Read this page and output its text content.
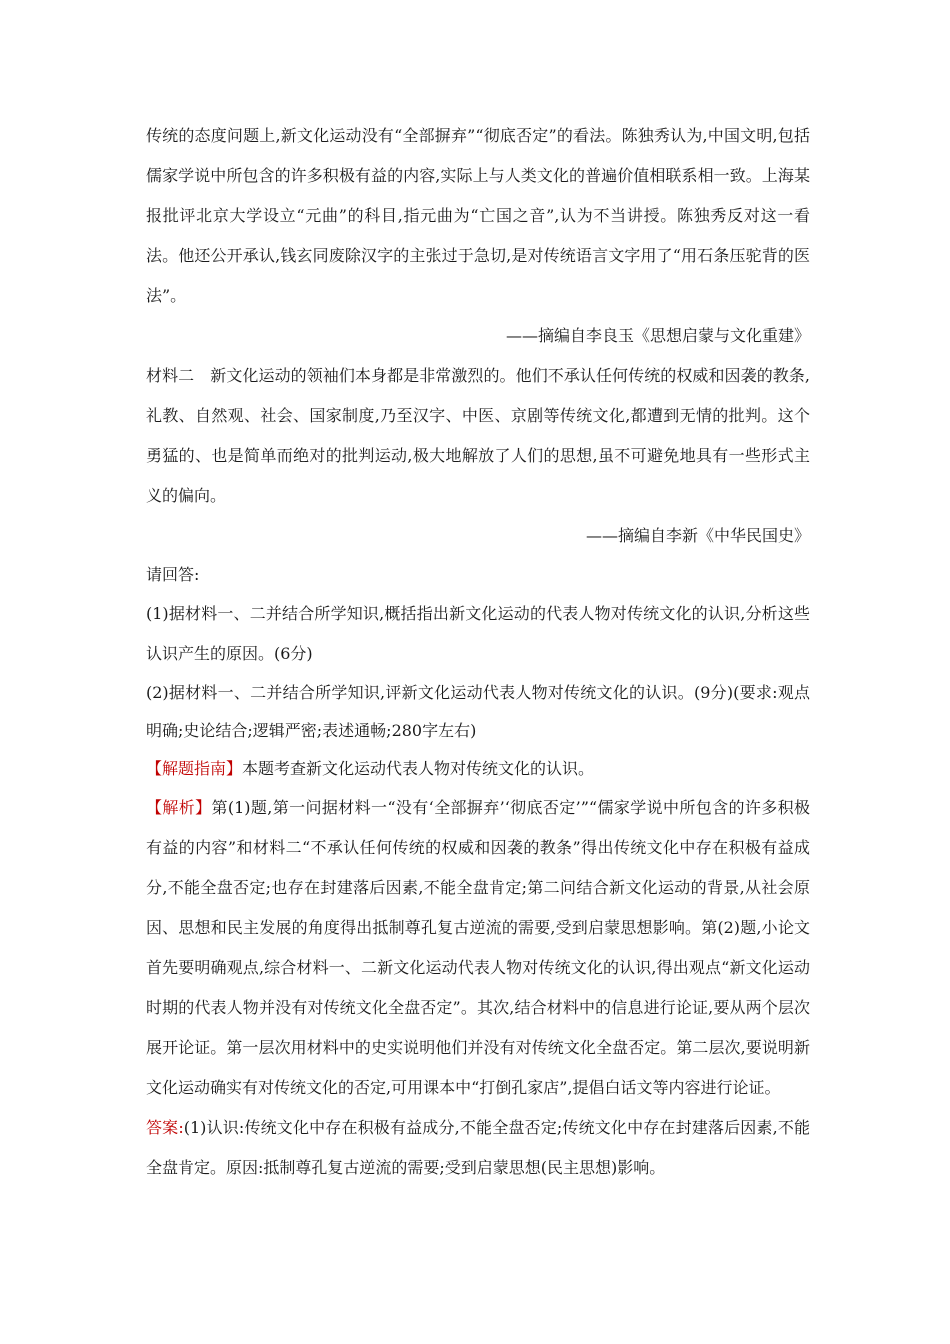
传统的态度问题上,新文化运动没有“全部摒弃”“彻底否定”的看法。陈独秀认为,中国文明,包括儒家学说中所包含的许多积极有益的内容,实际上与人类文化的普遍价值相联系相一致。上海某报批评北京大学设立“元曲”的科目,指元曲为“亡国之音”,认为不当讲授。陈独秀反对这一看法。他还公开承认,钱玄同废除汉字的主张过于急切,是对传统语言文字用了“用石条压驼背的医法”。

——摘编自李良玉《思想启蒙与文化重建》

材料二　新文化运动的领袖们本身都是非常激烈的。他们不承认任何传统的权威和因袭的教条,礼教、自然观、社会、国家制度,乃至汉字、中医、京剧等传统文化,都遭到无情的批判。这个勇猛的、也是简单而绝对的批判运动,极大地解放了人们的思想,虽不可避免地具有一些形式主义的偏向。

——摘编自李新《中华民国史》

请回答:

(1)据材料一、二并结合所学知识,概括指出新文化运动的代表人物对传统文化的认识,分析这些认识产生的原因。(6分)

(2)据材料一、二并结合所学知识,评新文化运动代表人物对传统文化的认识。(9分)(要求:观点明确;史论结合;逻辑严密;表述通畅;280字左右)

【解题指南】本题考查新文化运动代表人物对传统文化的认识。

【解析】第(1)题,第一问据材料一“没有‘全部摒弃’‘彻底否定’”“儒家学说中所包含的许多积极有益的内容”和材料二“不承认任何传统的权威和因袭的教条”得出传统文化中存在积极有益成分,不能全盘否定;也存在封建落后因素,不能全盘肯定;第二问结合新文化运动的背景,从社会原因、思想和民主发展的角度得出抵制尊孔复古逆流的需要,受到启蒙思想影响。第(2)题,小论文首先要明确观点,综合材料一、二新文化运动代表人物对传统文化的认识,得出观点“新文化运动时期的代表人物并没有对传统文化全盘否定”。其次,结合材料中的信息进行论证,要从两个层次展开论证。第一层次用材料中的史实说明他们并没有对传统文化全盘否定。第二层次,要说明新文化运动确实有对传统文化的否定,可用课本中“打倒孔家店”,提倡白话文等内容进行论证。

答案:(1)认识:传统文化中存在积极有益成分,不能全盘否定;传统文化中存在封建落后因素,不能全盘肯定。原因:抵制尊孔复古逆流的需要;受到启蒙思想(民主思想)影响。
